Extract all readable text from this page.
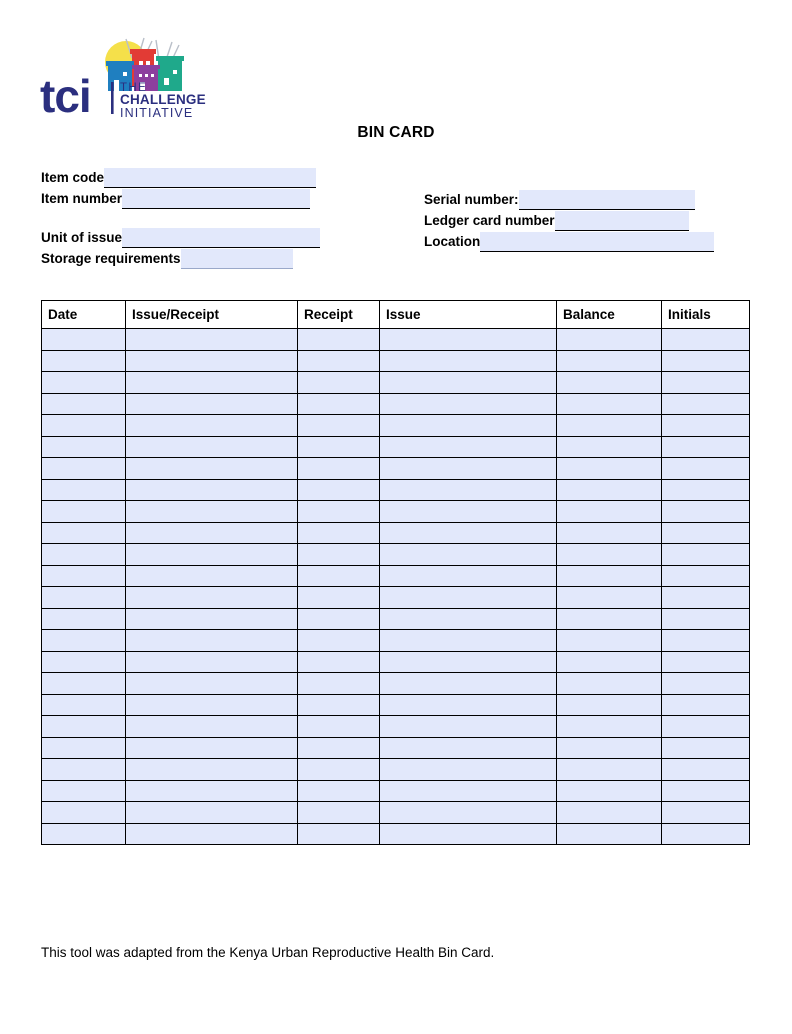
tci	THE
CHALLENGE
INITIATIVE
BIN CARD
Item code
Item number
Unit of issue
Storage requirements
Serial number:
Ledger card number
Location
Date	Issue/Receipt	Receipt	Issue	Balance	Initials

This tool was adapted from the Kenya Urban Reproductive Health Bin Card.
